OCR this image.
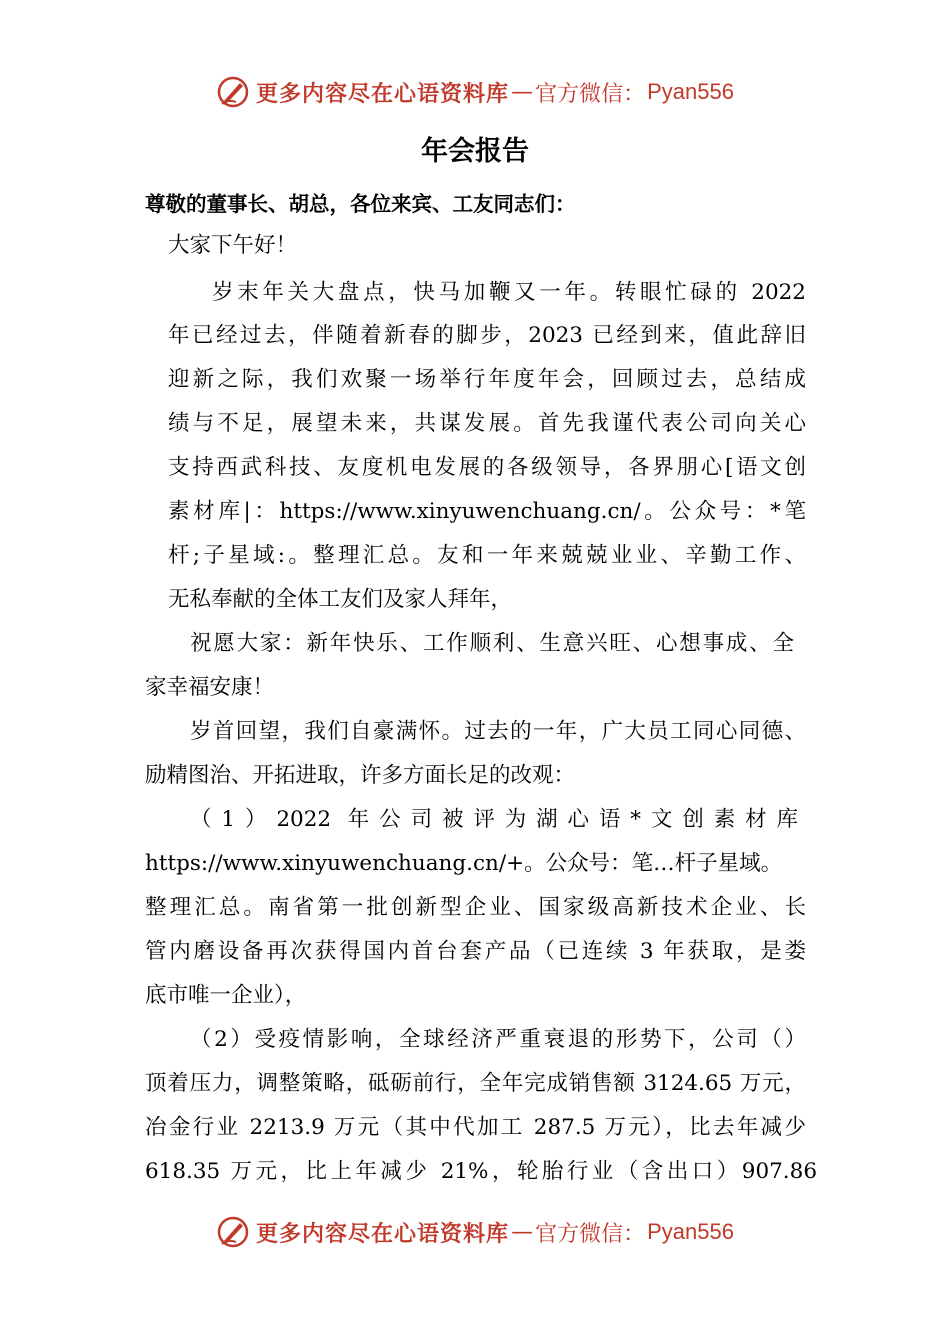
更多内容尽在心语资料库 — 官方微信： Pyan556
年会报告

尊敬的董事长、胡总，各位来宾、工友同志们：

大家下午好！

岁末年关大盘点，快马加鞭又一年。转眼忙碌的 2022

年已经过去，伴随着新春的脚步，2023 已经到来，值此辞旧

迎新之际，我们欢聚一场举行年度年会，回顾过去，总结成

绩与不足，展望未来，共谋发展。首先我谨代表公司向关心

支持西武科技、友度机电发展的各级领导，各界朋心[语文创

素材库|：https://www.xinyuwenchuang.cn/。公众号：*笔

杆;子星域:。整理汇总。友和一年来兢兢业业、辛勤工作、

无私奉献的全体工友们及家人拜年，

祝愿大家：新年快乐、工作顺利、生意兴旺、心想事成、全

家幸福安康！

岁首回望，我们自豪满怀。过去的一年，广大员工同心同德、

励精图治、开拓进取，许多方面长足的改观：

（1）2022 年公司被评为湖心语*文创素材库

https://www.xinyuwenchuang.cn/+。公众号：笔…杆子星域。

整理汇总。南省第一批创新型企业、国家级高新技术企业、长

管内磨设备再次获得国内首台套产品（已连续 3 年获取，是娄

底市唯一企业），

（2）受疫情影响，全球经济严重衰退的形势下，公司（）

顶着压力，调整策略，砥砺前行，全年完成销售额 3124.65 万元，

冶金行业 2213.9 万元（其中代加工 287.5 万元），比去年减少

618.35 万元，比上年减少 21%，轮胎行业（含出口）907.86

更多内容尽在心语资料库 — 官方微信： Pyan556
